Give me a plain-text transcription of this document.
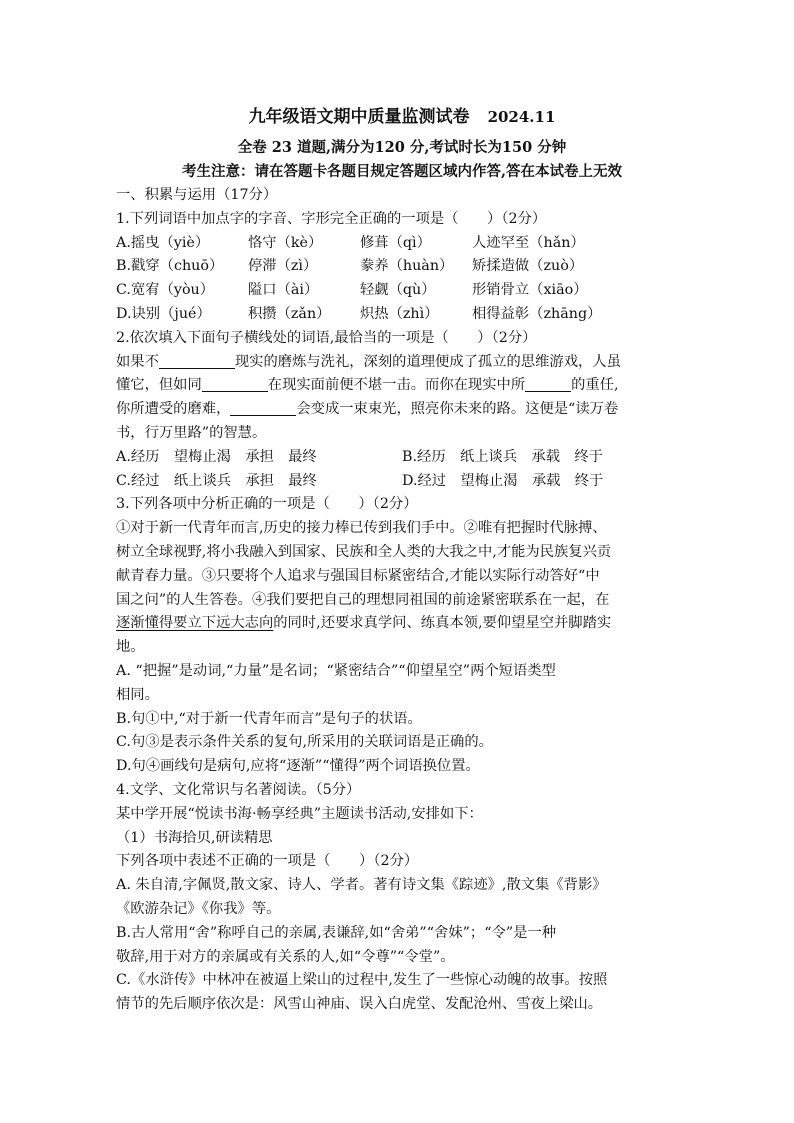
九年级语文期中质量监测试卷 2024.11
全卷 23 道题,满分为120 分,考试时长为150 分钟
考生注意：请在答题卡各题目规定答题区域内作答,答在本试卷上无效
一、积累与运用（17分）
1.下列词语中加点字的字音、字形完全正确的一项是（　　）（2分）
A.摇曳（yiè）	恪守（kè）	修葺（qì）	人迹罕至（hǎn）
B.戳穿（chuō）	停滞（zì）	豢养（huàn）	矫揉造做（zuò）
C.宽宥（yòu）	隘口（ài）	轻觑（qù）	形销骨立（xiāo）
D.诀别（jué）	积攒（zǎn）	炽热（zhì）	相得益彰（zhāng）
2.依次填入下面句子横线处的词语,最恰当的一项是（　　）（2分）
如果不	现实的磨炼与洗礼，深刻的道理便成了孤立的思维游戏，人虽
懂它，但如同	在现实面前便不堪一击。而你在现实中所	的重任,
你所遭受的磨难，	会变成一束束光，照亮你未来的路。这便是“读万卷
书，行万里路”的智慧。
A.经历　望梅止渴　承担　最终	B.经历　纸上谈兵　承载　终于
C.经过　纸上谈兵　承担　最终	D.经过　望梅止渴　承载　终于
3.下列各项中分析正确的一项是（　　）（2分）
①对于新一代青年而言,历史的接力棒已传到我们手中。②唯有把握时代脉搏、
树立全球视野,将小我融入到国家、民族和全人类的大我之中,才能为民族复兴贡
献青春力量。③只要将个人追求与强国目标紧密结合,才能以实际行动答好“中
国之问”的人生答卷。④我们要把自己的理想同祖国的前途紧密联系在一起，在
逐渐懂得要立下远大志向的同时,还要求真学问、练真本领,要仰望星空并脚踏实
地。
A. “把握”是动词,“力量”是名词；“紧密结合”“仰望星空”两个短语类型
相同。
B.句①中,“对于新一代青年而言”是句子的状语。
C.句③是表示条件关系的复句,所采用的关联词语是正确的。
D.句④画线句是病句,应将“逐渐”“懂得”两个词语换位置。
4.文学、文化常识与名著阅读。（5分）
某中学开展“悦读书海·畅享经典”主题读书活动,安排如下：
（1）书海拾贝,研读精思
下列各项中表述不正确的一项是（　　）（2分）
A. 朱自清,字佩贤,散文家、诗人、学者。著有诗文集《踪迹》,散文集《背影》
《欧游杂记》《你我》等。
B.古人常用“舍”称呼自己的亲属,表谦辞,如“舍弟”“舍妹”；“令”是一种
敬辞,用于对方的亲属或有关系的人,如“令尊”“令堂”。
C.《水浒传》中林冲在被逼上梁山的过程中,发生了一些惊心动魄的故事。按照
情节的先后顺序依次是：风雪山神庙、误入白虎堂、发配沧州、雪夜上梁山。
